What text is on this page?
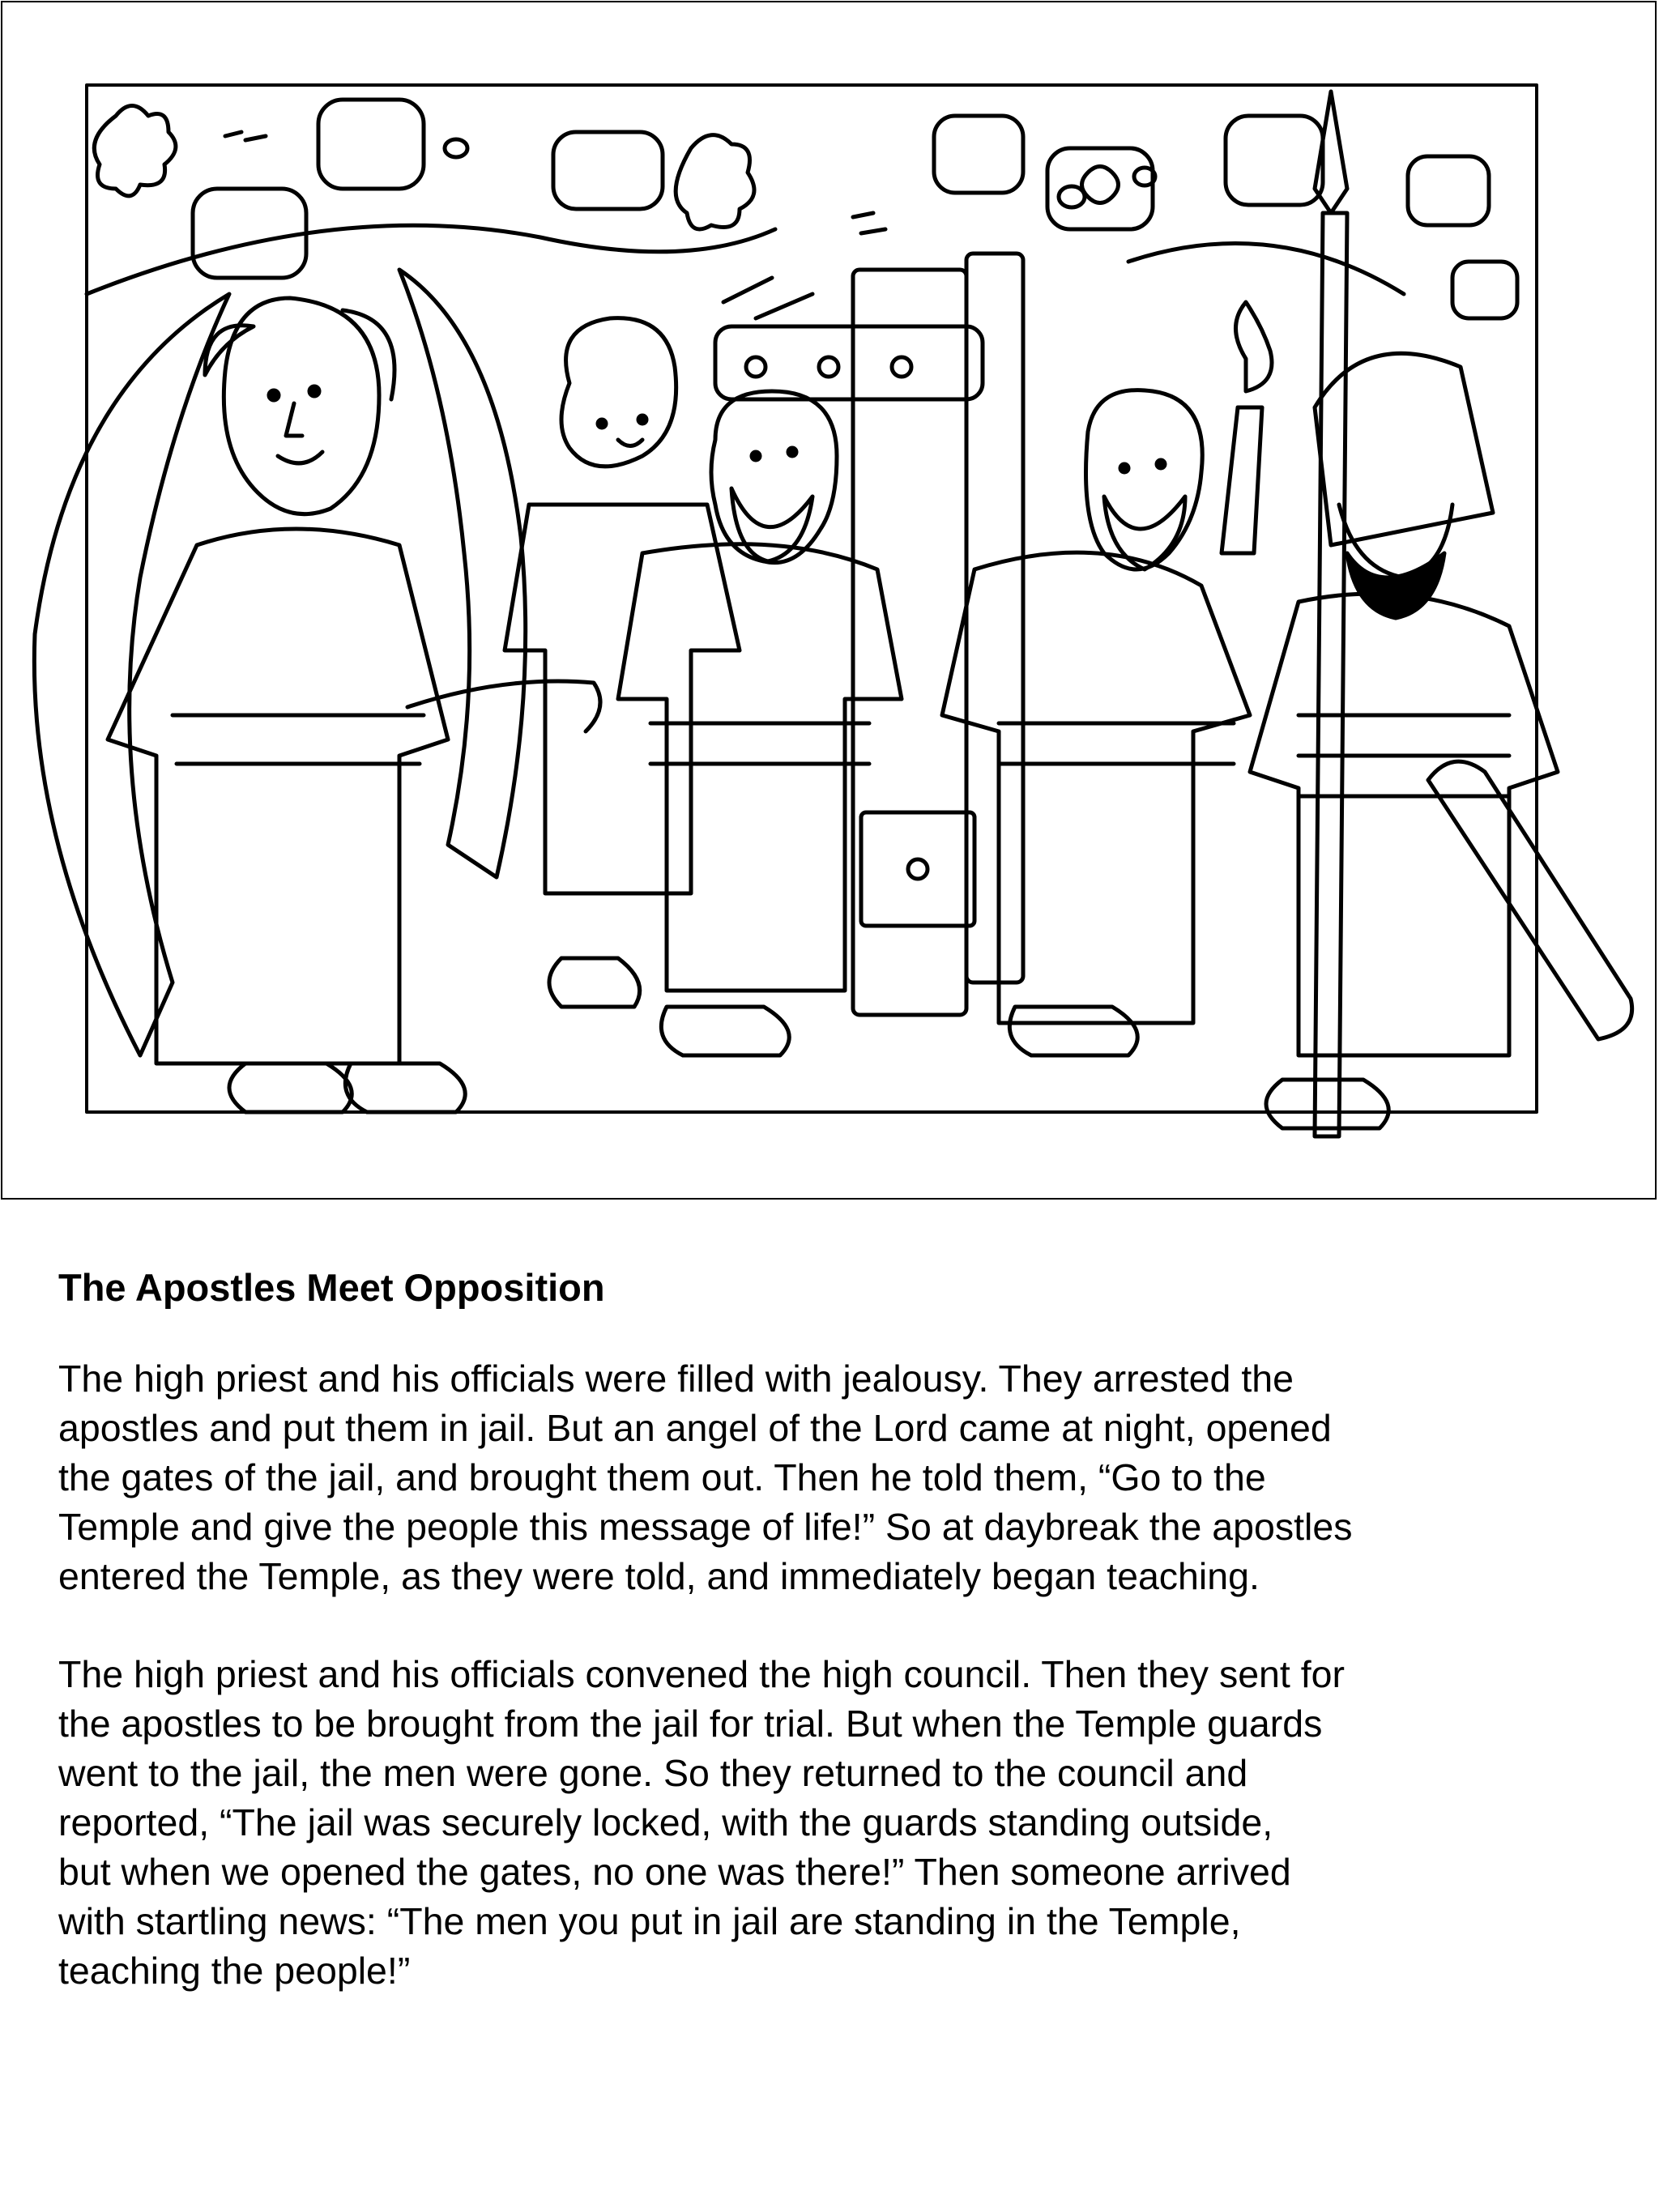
The Apostles Meet Opposition

The high priest and his officials were filled with jealousy. They arrested the
apostles and put them in jail. But an angel of the Lord came at night, opened
the gates of the jail, and brought them out. Then he told them, “Go to the
Temple and give the people this message of life!” So at daybreak the apostles
entered the Temple, as they were told, and immediately began teaching.

The high priest and his officials convened the high council. Then they sent for
the apostles to be brought from the jail for trial. But when the Temple guards
went to the jail, the men were gone. So they returned to the council and
reported, “The jail was securely locked, with the guards standing outside,
but when we opened the gates, no one was there!” Then someone arrived
with startling news: “The men you put in jail are standing in the Temple,
teaching the people!”
